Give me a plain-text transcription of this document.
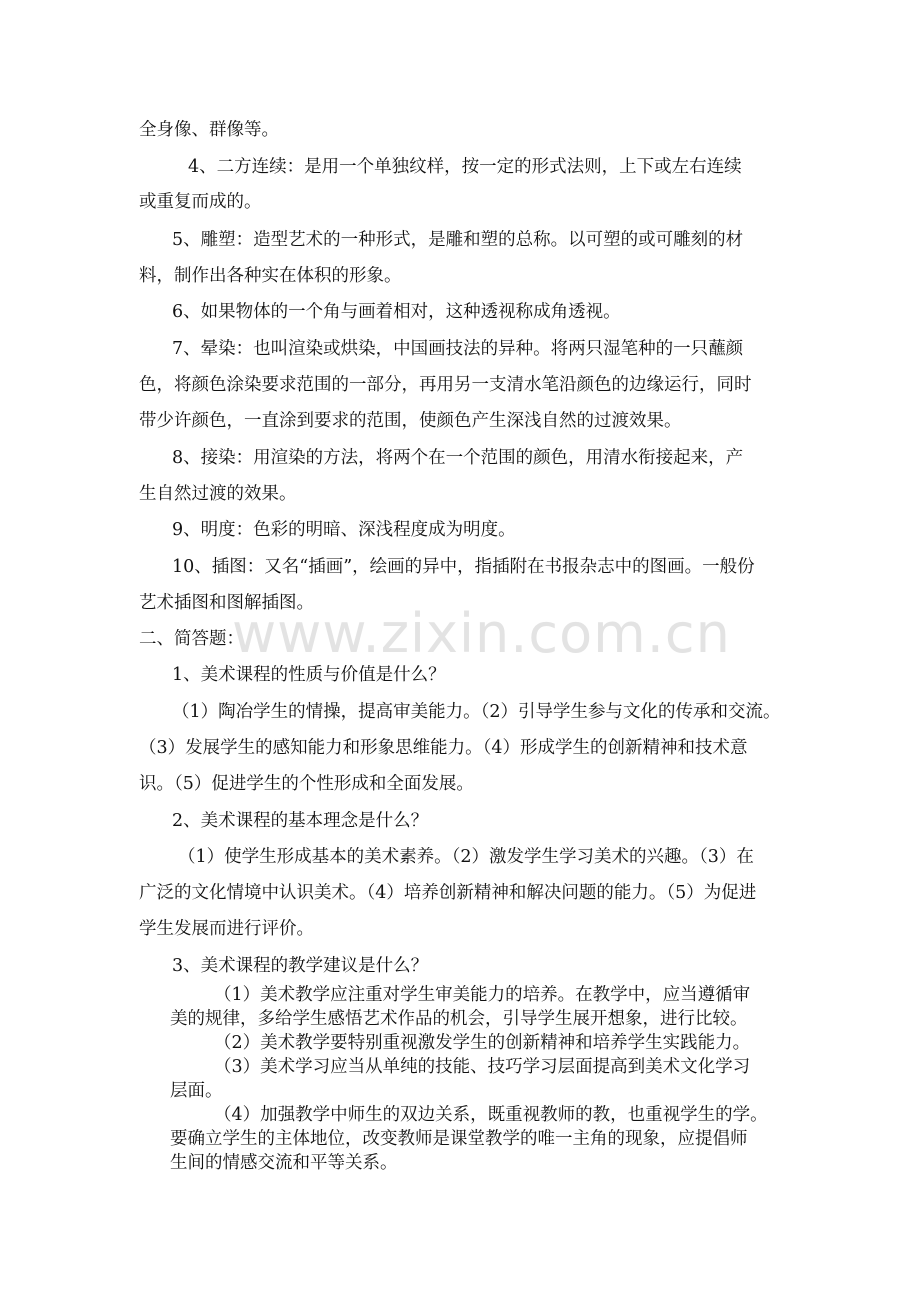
www.zixin.com.cn
全身像、群像等。
4、二方连续：是用一个单独纹样，按一定的形式法则，上下或左右连续
或重复而成的。
5、雕塑：造型艺术的一种形式，是雕和塑的总称。以可塑的或可雕刻的材
料，制作出各种实在体积的形象。
6、如果物体的一个角与画着相对，这种透视称成角透视。
7、晕染：也叫渲染或烘染，中国画技法的异种。将两只湿笔种的一只蘸颜
色，将颜色涂染要求范围的一部分，再用另一支清水笔沿颜色的边缘运行，同时
带少许颜色，一直涂到要求的范围，使颜色产生深浅自然的过渡效果。
8、接染：用渲染的方法，将两个在一个范围的颜色，用清水衔接起来，产
生自然过渡的效果。
9、明度：色彩的明暗、深浅程度成为明度。
10、插图：又名“插画”，绘画的异中，指插附在书报杂志中的图画。一般份
艺术插图和图解插图。
二、简答题：
1、美术课程的性质与价值是什么？
（1）陶冶学生的情操，提高审美能力。（2）引导学生参与文化的传承和交流。
（3）发展学生的感知能力和形象思维能力。（4）形成学生的创新精神和技术意
识。（5）促进学生的个性形成和全面发展。
2、美术课程的基本理念是什么？
（1）使学生形成基本的美术素养。（2）激发学生学习美术的兴趣。（3）在
广泛的文化情境中认识美术。（4）培养创新精神和解决问题的能力。（5）为促进
学生发展而进行评价。
3、美术课程的教学建议是什么？
（1）美术教学应注重对学生审美能力的培养。在教学中，应当遵循审
美的规律，多给学生感悟艺术作品的机会，引导学生展开想象，进行比较。
（2）美术教学要特别重视激发学生的创新精神和培养学生实践能力。
（3）美术学习应当从单纯的技能、技巧学习层面提高到美术文化学习
层面。
（4）加强教学中师生的双边关系，既重视教师的教，也重视学生的学。
要确立学生的主体地位，改变教师是课堂教学的唯一主角的现象，应提倡师
生间的情感交流和平等关系。
